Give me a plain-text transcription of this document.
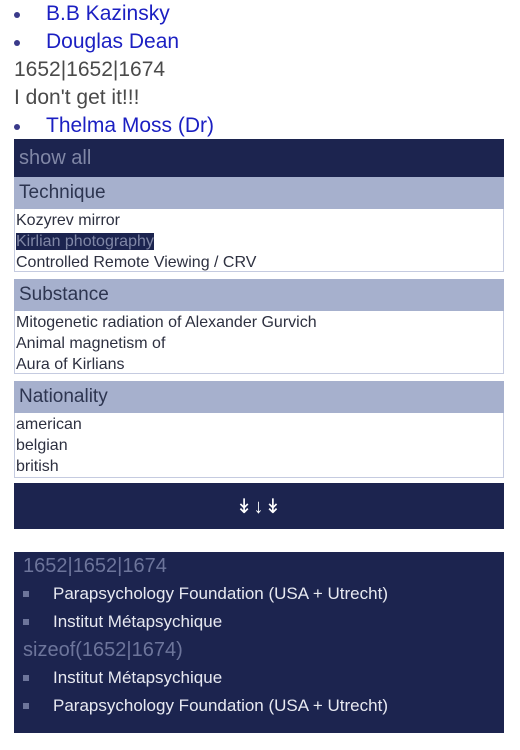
B.B Kazinsky
Douglas Dean
1652|1652|1674
I don't get it!!!
Thelma Moss (Dr)
show all
Technique
Kozyrev mirror
Kirlian photography
Controlled Remote Viewing / CRV
Substance
Mitogenetic radiation of Alexander Gurvich
Animal magnetism of
Aura of Kirlians
Nationality
american
belgian
british
↡↓↡
1652|1652|1674
Parapsychology Foundation (USA + Utrecht)
Institut Métapsychique
sizeof(1652|1674)
Institut Métapsychique
Parapsychology Foundation (USA + Utrecht)
